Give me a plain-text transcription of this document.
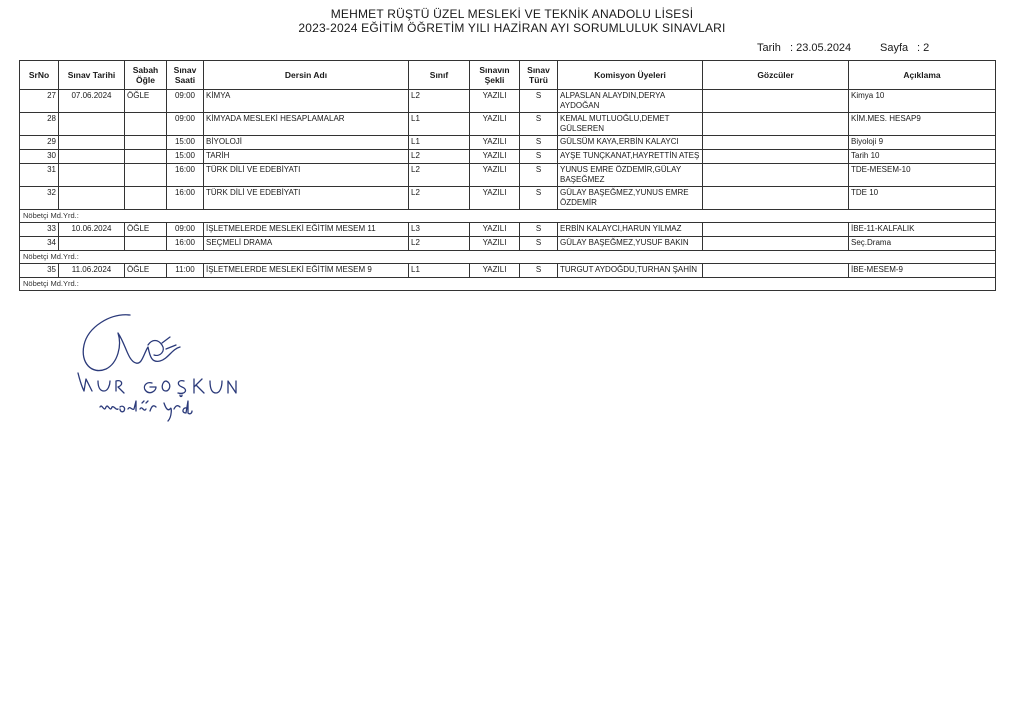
MEHMET RÜŞTÜ ÜZEL MESLEKİ VE TEKNİK ANADOLU LİSESİ
2023-2024 EĞİTİM ÖĞRETİM YILI HAZİRAN AYI SORUMLULUK SINAVLARI
Tarih : 23.05.2024	Sayfa : 2
SrNo	Sınav Tarihi	Sabah Öğle	Sınav Saati	Dersin Adı	Sınıf	Sınavın Şekli	Sınav Türü	Komisyon Üyeleri	Gözcüler	Açıklama
27	07.06.2024	ÖĞLE	09:00	KİMYA	L2	YAZILI	S	ALPASLAN ALAYDIN,DERYA AYDOĞAN		Kimya 10
28			09:00	KİMYADA MESLEKİ HESAPLAMALAR	L1	YAZILI	S	KEMAL MUTLUOĞLU,DEMET GÜLSEREN		KİM.MES. HESAP9
29			15:00	BİYOLOJİ	L1	YAZILI	S	GÜLSÜM KAYA,ERBİN KALAYCI		Biyoloji 9
30			15:00	TARİH	L2	YAZILI	S	AYŞE TUNÇKANAT,HAYRETTİN ATEŞ		Tarih 10
31			16:00	TÜRK DİLİ VE EDEBİYATI	L2	YAZILI	S	YUNUS EMRE ÖZDEMİR,GÜLAY BAŞEĞMEZ		TDE-MESEM-10
32			16:00	TÜRK DİLİ VE EDEBİYATI	L2	YAZILI	S	GÜLAY BAŞEĞMEZ,YUNUS EMRE ÖZDEMİR		TDE 10
Nöbetçi Md.Yrd.:										
33	10.06.2024	ÖĞLE	09:00	İŞLETMELERDE MESLEKİ EĞİTİM MESEM 11	L3	YAZILI	S	ERBİN KALAYCI,HARUN YILMAZ		İBE-11-KALFALIK
34			16:00	SEÇMELİ DRAMA	L2	YAZILI	S	GÜLAY BAŞEĞMEZ,YUSUF BAKIN		Seç.Drama
Nöbetçi Md.Yrd.:										
35	11.06.2024	ÖĞLE	11:00	İŞLETMELERDE MESLEKİ EĞİTİM MESEM 9	L1	YAZILI	S	TURGUT AYDOĞDU,TURHAN ŞAHİN		İBE-MESEM-9
Nöbetçi Md.Yrd.:										
